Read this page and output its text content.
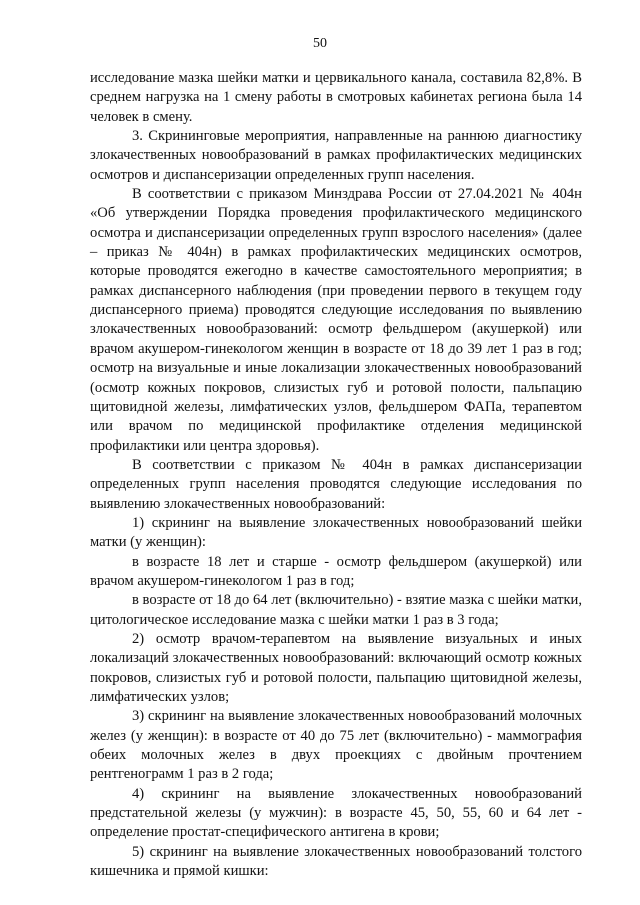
50

исследование мазка шейки матки и цервикального канала, составила 82,8%. В среднем нагрузка на 1 смену работы в смотровых кабинетах региона была 14 человек в смену.

3. Скрининговые мероприятия, направленные на раннюю диагностику злокачественных новообразований в рамках профилактических медицинских осмотров и диспансеризации определенных групп населения.

В соответствии с приказом Минздрава России от 27.04.2021 № 404н «Об утверждении Порядка проведения профилактического медицинского осмотра и диспансеризации определенных групп взрослого населения» (далее – приказ № 404н) в рамках профилактических медицинских осмотров, которые проводятся ежегодно в качестве самостоятельного мероприятия; в рамках диспансерного наблюдения (при проведении первого в текущем году диспансерного приема) проводятся следующие исследования по выявлению злокачественных новообразований: осмотр фельдшером (акушеркой) или врачом акушером-гинекологом женщин в возрасте от 18 до 39 лет 1 раз в год; осмотр на визуальные и иные локализации злокачественных новообразований (осмотр кожных покровов, слизистых губ и ротовой полости, пальпацию щитовидной железы, лимфатических узлов, фельдшером ФАПа, терапевтом или врачом по медицинской профилактике отделения медицинской профилактики или центра здоровья).

В соответствии с приказом № 404н в рамках диспансеризации определенных групп населения проводятся следующие исследования по выявлению злокачественных новообразований:

1) скрининг на выявление злокачественных новообразований шейки матки (у женщин):

в возрасте 18 лет и старше - осмотр фельдшером (акушеркой) или врачом акушером-гинекологом 1 раз в год;

в возрасте от 18 до 64 лет (включительно) - взятие мазка с шейки матки, цитологическое исследование мазка с шейки матки 1 раз в 3 года;

2) осмотр врачом-терапевтом на выявление визуальных и иных локализаций злокачественных новообразований: включающий осмотр кожных покровов, слизистых губ и ротовой полости, пальпацию щитовидной железы, лимфатических узлов;

3) скрининг на выявление злокачественных новообразований молочных желез (у женщин): в возрасте от 40 до 75 лет (включительно) - маммография обеих молочных желез в двух проекциях с двойным прочтением рентгенограмм 1 раз в 2 года;

4) скрининг на выявление злокачественных новообразований предстательной железы (у мужчин): в возрасте 45, 50, 55, 60 и 64 лет - определение простат-специфического антигена в крови;

5) скрининг на выявление злокачественных новообразований толстого кишечника и прямой кишки:
